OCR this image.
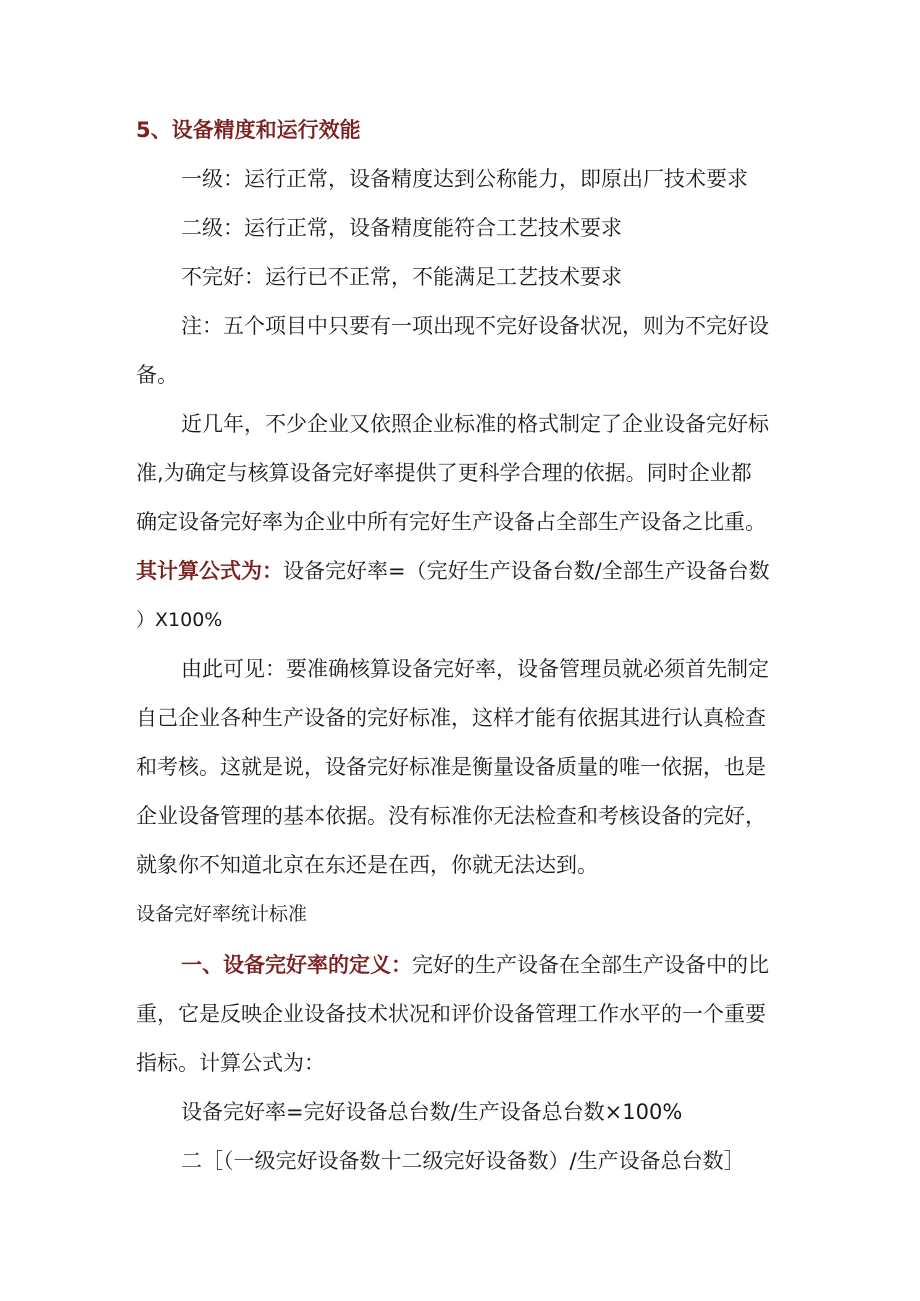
5、设备精度和运行效能
一级：运行正常，设备精度达到公称能力，即原出厂技术要求
二级：运行正常，设备精度能符合工艺技术要求
不完好：运行已不正常，不能满足工艺技术要求
注：五个项目中只要有一项出现不完好设备状况，则为不完好设
备。
近几年，不少企业又依照企业标准的格式制定了企业设备完好标
准,为确定与核算设备完好率提供了更科学合理的依据。同时企业都
确定设备完好率为企业中所有完好生产设备占全部生产设备之比重。
其计算公式为：设备完好率=（完好生产设备台数/全部生产设备台数
）X100%
由此可见：要准确核算设备完好率，设备管理员就必须首先制定
自己企业各种生产设备的完好标准，这样才能有依据其进行认真检查
和考核。这就是说，设备完好标准是衡量设备质量的唯一依据，也是
企业设备管理的基本依据。没有标准你无法检查和考核设备的完好，
就象你不知道北京在东还是在西，你就无法达到。
设备完好率统计标准
一、设备完好率的定义：完好的生产设备在全部生产设备中的比
重，它是反映企业设备技术状况和评价设备管理工作水平的一个重要
指标。计算公式为：
设备完好率=完好设备总台数/生产设备总台数×100%
二［（一级完好设备数十二级完好设备数）/生产设备总台数］
